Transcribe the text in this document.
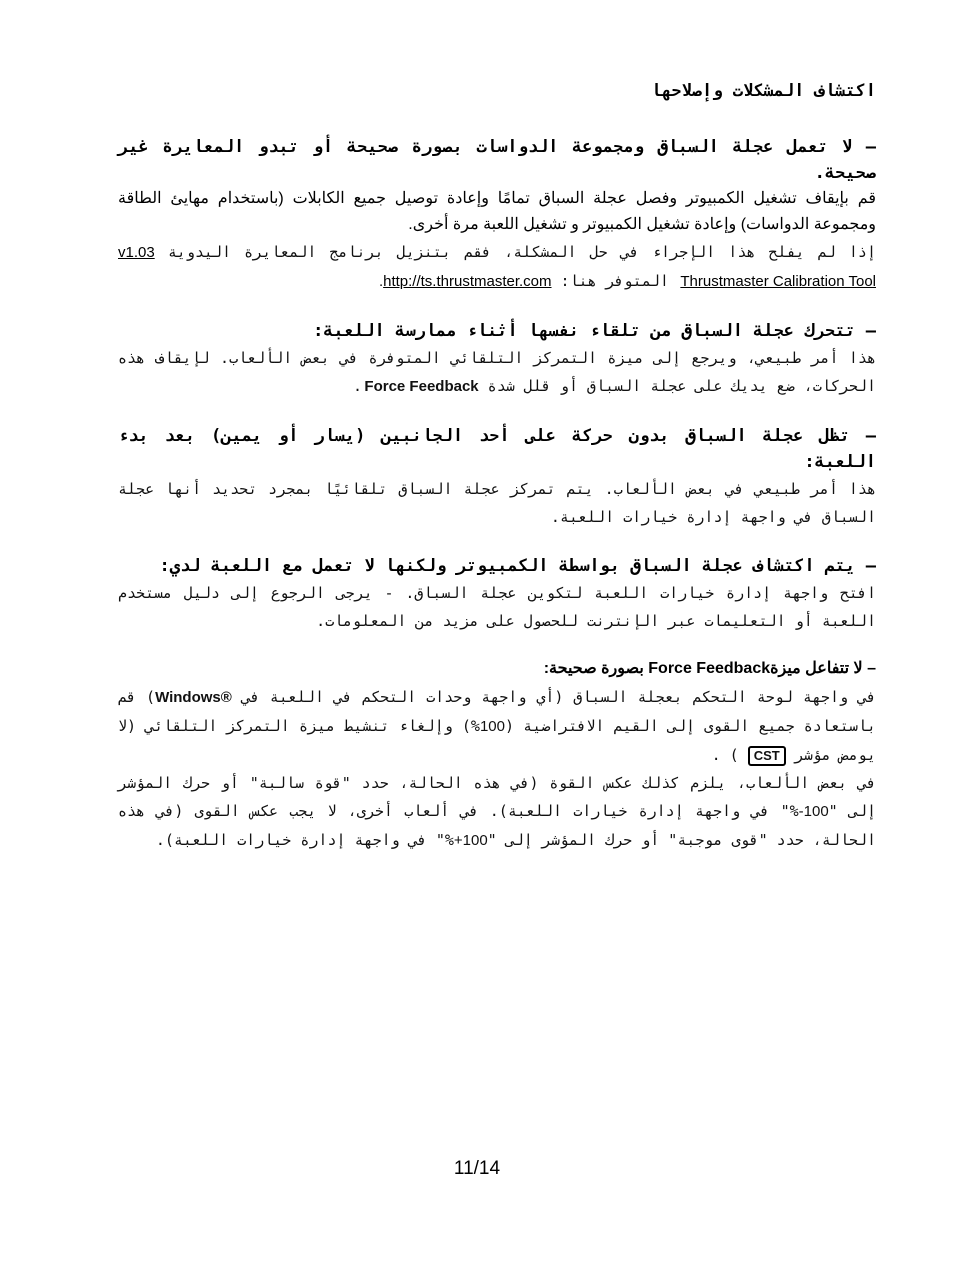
اكتشاف المشكلات وإصلاحها

– لا تعمل عجلة السباق ومجموعة الدواسات بصورة صحيحة أو تبدو المعايرة غير صحيحة.

قم بإيقاف تشغيل الكمبيوتر وفصل عجلة السباق تمامًا وإعادة توصيل جميع الكابلات (باستخدام مهايئ الطاقة ومجموعة الدواسات) وإعادة تشغيل الكمبيوتر و تشغيل اللعبة مرة أخرى.

إذا لم يفلح هذا الإجراء في حل المشكلة، فقم بتنزيل برنامج المعايرة اليدوية v1.03 Thrustmaster Calibration Tool المتوفر هنا: http://ts.thrustmaster.com.

– تتحرك عجلة السباق من تلقاء نفسها أثناء ممارسة اللعبة:

هذا أمر طبيعي، ويرجع إلى ميزة التمركز التلقائي المتوفرة في بعض الألعاب. لإيقاف هذه الحركات، ضع يديك على عجلة السباق أو قلل شدة Force Feedback.

– تظل عجلة السباق بدون حركة على أحد الجانبين (يسار أو يمين) بعد بدء اللعبة:

هذا أمر طبيعي في بعض الألعاب. يتم تمركز عجلة السباق تلقائيًا بمجرد تحديد أنها عجلة السباق في واجهة إدارة خيارات اللعبة.

– يتم اكتشاف عجلة السباق بواسطة الكمبيوتر ولكنها لا تعمل مع اللعبة لدي:

افتح واجهة إدارة خيارات اللعبة لتكوين عجلة السباق. - يرجى الرجوع إلى دليل مستخدم اللعبة أو التعليمات عبر الإنترنت للحصول على مزيد من المعلومات.

– لا تتفاعل ميزةForce Feedback بصورة صحيحة:

في واجهة لوحة التحكم بعجلة السباق (أي واجهة وحدات التحكم في اللعبة في Windows®) قم باستعادة جميع القوى إلى القيم الافتراضية (100%) وإلغاء تنشيط ميزة التمركز التلقائي (لا يومض مؤشر CST ) .

في بعض الألعاب، يلزم كذلك عكس القوة (في هذه الحالة، حدد "قوة سالبة" أو حرك المؤشر إلى "-100%" في واجهة إدارة خيارات اللعبة). في ألعاب أخرى، لا يجب عكس القوى (في هذه الحالة، حدد "قوى موجبة" أو حرك المؤشر إلى "+100%" في واجهة إدارة خيارات اللعبة).

11/14
